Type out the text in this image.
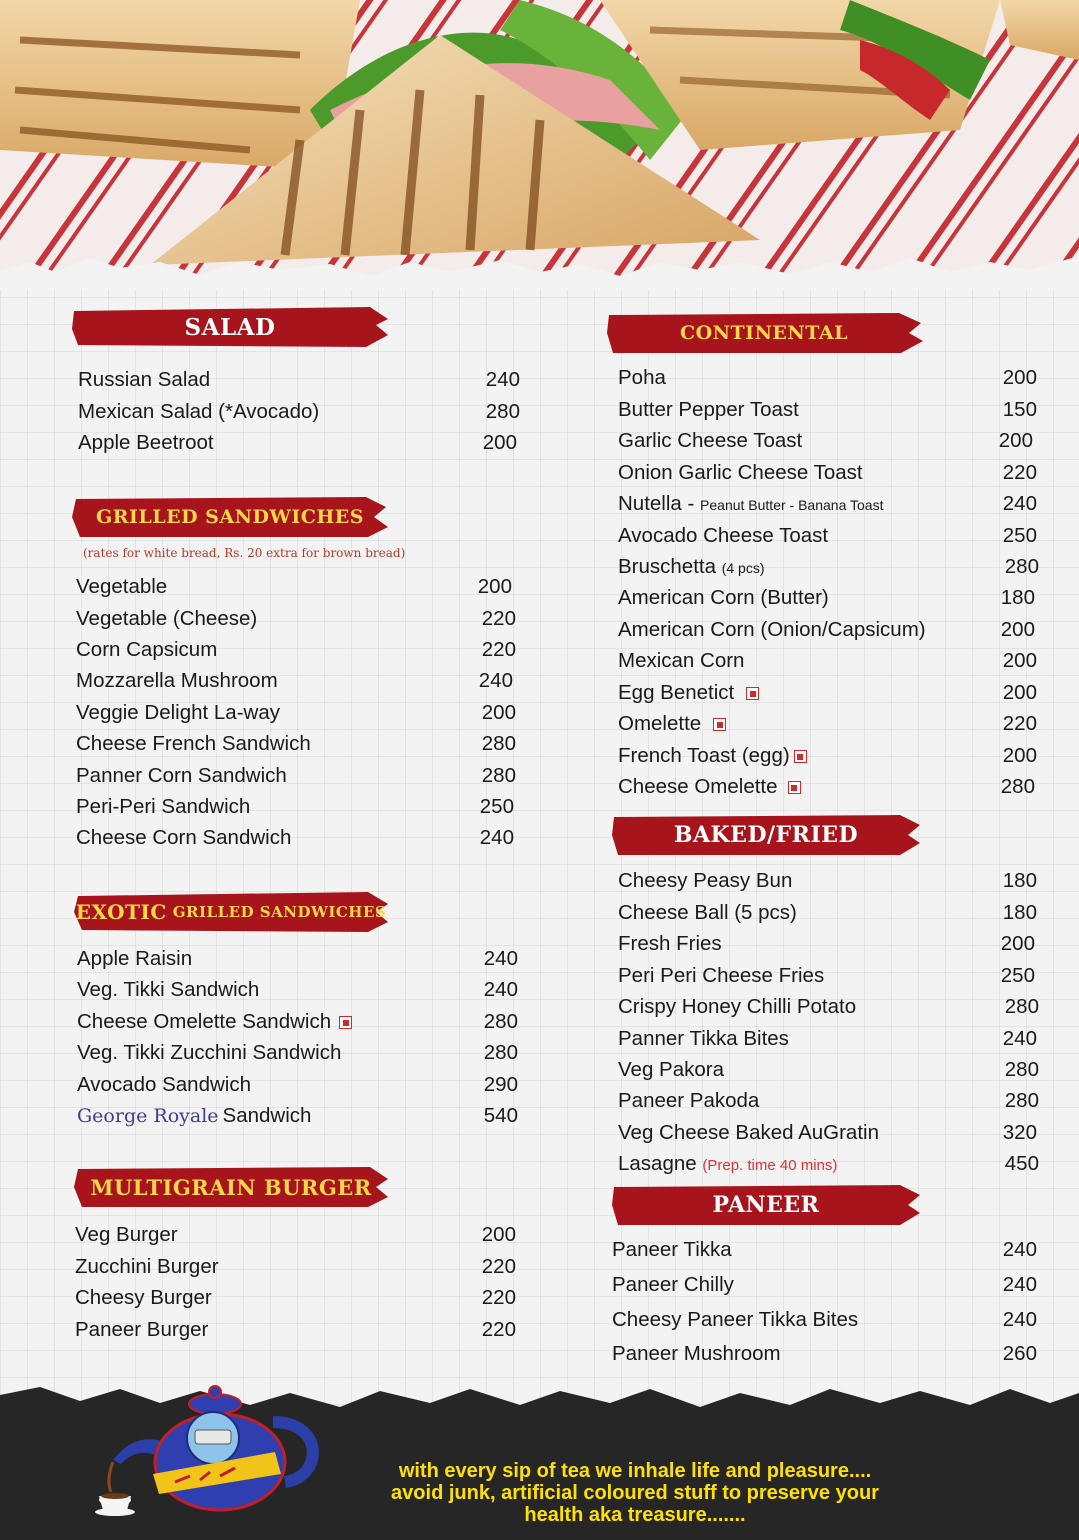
SALAD
Russian Salad	240
Mexican Salad (*Avocado)	280
Apple Beetroot	200
GRILLED SANDWICHES
(rates for white bread, Rs. 20 extra for brown bread)
Vegetable	200
Vegetable (Cheese)	220
Corn Capsicum	220
Mozzarella Mushroom	240
Veggie Delight La-way	200
Cheese French Sandwich	280
Panner Corn Sandwich	280
Peri-Peri Sandwich	250
Cheese Corn Sandwich	240
EXOTIC GRILLED SANDWICHES
Apple Raisin	240
Veg. Tikki Sandwich	240
Cheese Omelette Sandwich	280
Veg. Tikki Zucchini Sandwich	280
Avocado Sandwich	290
George Royale Sandwich	540
MULTIGRAIN BURGER
Veg Burger	200
Zucchini Burger	220
Cheesy Burger	220
Paneer Burger	220
CONTINENTAL
Poha	200
Butter Pepper Toast	150
Garlic Cheese Toast	200
Onion Garlic Cheese Toast	220
Nutella - Peanut Butter - Banana Toast	240
Avocado Cheese Toast	250
Bruschetta (4 pcs)	280
American Corn (Butter)	180
American Corn (Onion/Capsicum)	200
Mexican Corn	200
Egg Benetict	200
Omelette	220
French Toast (egg)	200
Cheese Omelette	280
BAKED/FRIED
Cheesy Peasy Bun	180
Cheese Ball (5 pcs)	180
Fresh Fries	200
Peri Peri Cheese Fries	250
Crispy Honey Chilli Potato	280
Panner Tikka Bites	240
Veg Pakora	280
Paneer Pakoda	280
Veg Cheese Baked AuGratin	320
Lasagne (Prep. time 40 mins)	450
PANEER
Paneer Tikka	240
Paneer Chilly	240
Cheesy Paneer Tikka Bites	240
Paneer Mushroom	260
with every sip of tea we inhale life and pleasure....
avoid junk, artificial coloured stuff to preserve your
health aka treasure.......
